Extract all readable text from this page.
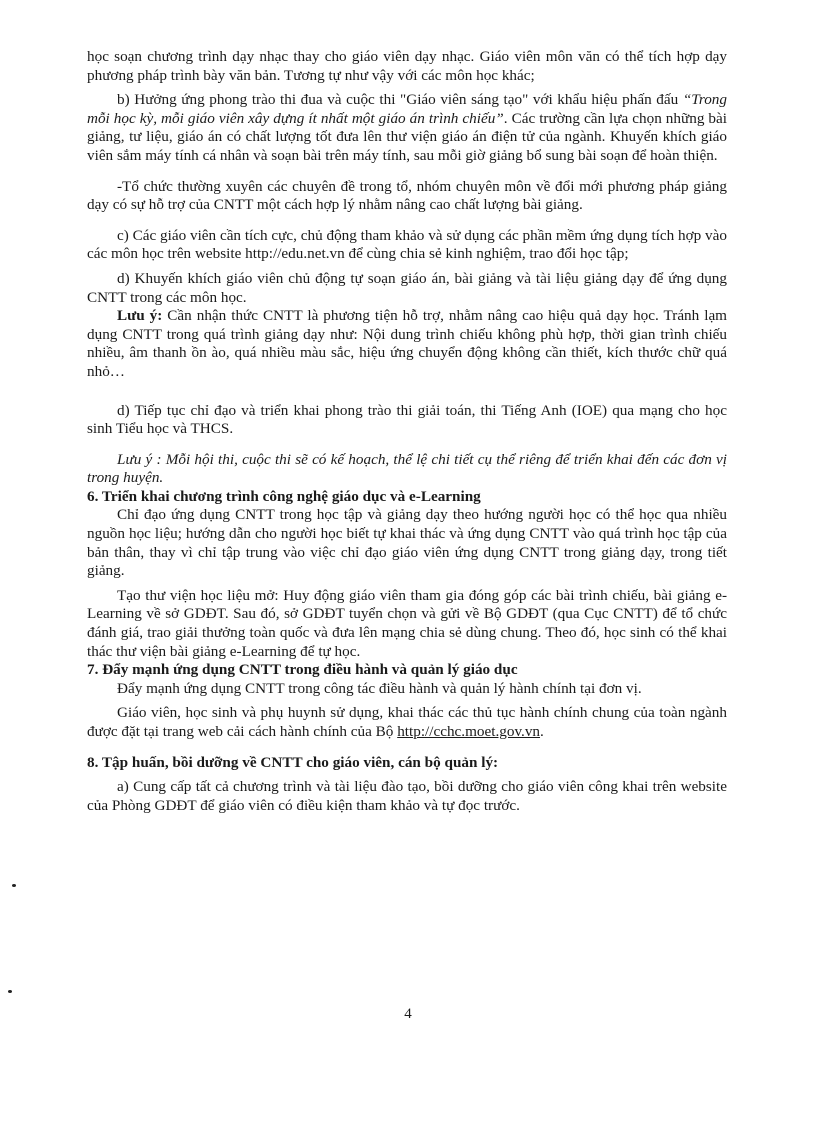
học soạn chương trình dạy nhạc thay cho giáo viên dạy nhạc. Giáo viên môn văn có thể tích hợp dạy phương pháp trình bày văn bản. Tương tự như vậy với các môn học khác;

b) Hưởng ứng phong trào thi đua và cuộc thi "Giáo viên sáng tạo" với khẩu hiệu phấn đấu “Trong mỗi học kỳ, mỗi giáo viên xây dựng ít nhất một giáo án trình chiếu”. Các trường cần lựa chọn những bài giảng, tư liệu, giáo án có chất lượng tốt đưa lên thư viện giáo án điện tử của ngành. Khuyến khích giáo viên sắm máy tính cá nhân và soạn bài trên máy tính, sau mỗi giờ giảng bổ sung bài soạn để hoàn thiện.

-Tổ chức thường xuyên các chuyên đề trong tổ, nhóm chuyên môn về đổi mới phương pháp giảng dạy có sự hỗ trợ của CNTT một cách hợp lý nhằm nâng cao chất lượng bài giảng.

c) Các giáo viên cần tích cực, chủ động tham khảo và sử dụng các phần mềm ứng dụng tích hợp vào các môn học trên website http://edu.net.vn để cùng chia sẻ kinh nghiệm, trao đổi học tập;

d) Khuyến khích giáo viên chủ động tự soạn giáo án, bài giảng và tài liệu giảng dạy để ứng dụng CNTT trong các môn học.

Lưu ý: Cần nhận thức CNTT là phương tiện hỗ trợ, nhằm nâng cao hiệu quả dạy học. Tránh lạm dụng CNTT trong quá trình giảng dạy như: Nội dung trình chiếu không phù hợp, thời gian trình chiếu nhiều, âm thanh ồn ào, quá nhiều màu sắc, hiệu ứng chuyển động không cần thiết, kích thước chữ quá nhỏ…

d) Tiếp tục chỉ đạo và triển khai phong trào thi giải toán, thi Tiếng Anh (IOE) qua mạng cho học sinh Tiểu học và THCS.

Lưu ý : Mỗi hội thi, cuộc thi sẽ có kế hoạch, thể lệ chi tiết cụ thể riêng để triển khai đến các đơn vị trong huyện.

6. Triển khai chương trình công nghệ giáo dục và e-Learning

Chỉ đạo ứng dụng CNTT trong học tập và giảng dạy theo hướng người học có thể học qua nhiều nguồn học liệu; hướng dẫn cho người học biết tự khai thác và ứng dụng CNTT vào quá trình học tập của bản thân, thay vì chỉ tập trung vào việc chỉ đạo giáo viên ứng dụng CNTT trong giảng dạy, trong tiết giảng.

Tạo thư viện học liệu mở: Huy động giáo viên tham gia đóng góp các bài trình chiếu, bài giảng e-Learning về sở GDĐT. Sau đó, sở GDĐT tuyển chọn và gửi về Bộ GDĐT (qua Cục CNTT) để tổ chức đánh giá, trao giải thưởng toàn quốc và đưa lên mạng chia sẻ dùng chung. Theo đó, học sinh có thể khai thác thư viện bài giảng e-Learning để tự học.

7. Đẩy mạnh ứng dụng CNTT trong điều hành và quản lý giáo dục

Đẩy mạnh ứng dụng CNTT trong công tác điều hành và quản lý hành chính tại đơn vị.

Giáo viên, học sinh và phụ huynh sử dụng, khai thác các thủ tục hành chính chung của toàn ngành được đặt tại trang web cải cách hành chính của Bộ http://cchc.moet.gov.vn.

8. Tập huấn, bồi dưỡng về CNTT cho giáo viên, cán bộ quản lý:

a) Cung cấp tất cả chương trình và tài liệu đào tạo, bồi dưỡng cho giáo viên công khai trên website của Phòng GDĐT để giáo viên có điều kiện tham khảo và tự đọc trước.

4
